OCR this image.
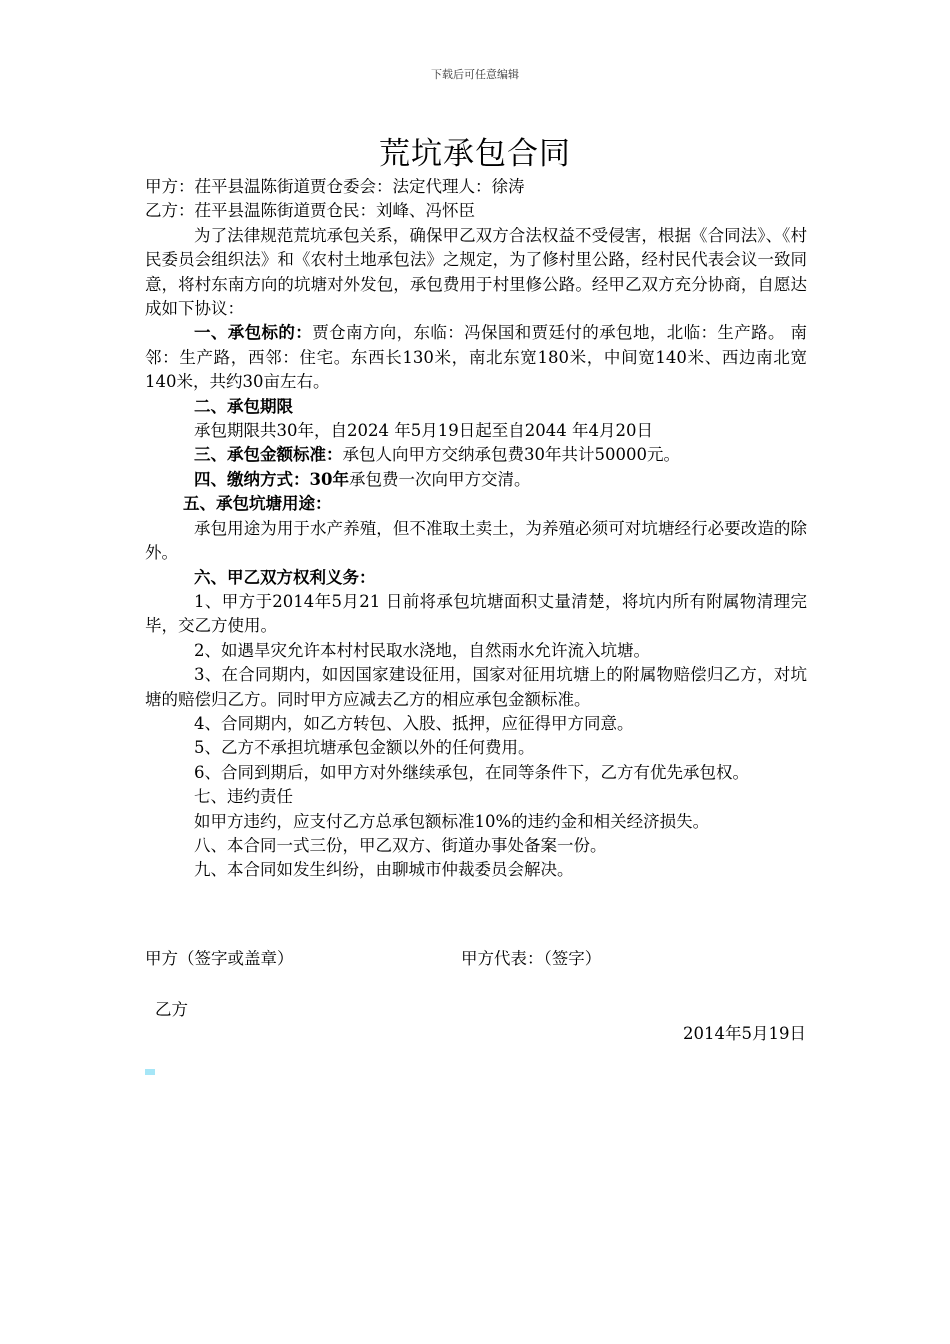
下载后可任意编辑
荒坑承包合同

甲方：茌平县温陈街道贾仓委会：法定代理人：徐涛

乙方：茌平县温陈街道贾仓民：刘峰、冯怀臣

为了法律规范荒坑承包关系，确保甲乙双方合法权益不受侵害，根据《合同法》、《村民委员会组织法》和《农村土地承包法》之规定，为了修村里公路，经村民代表会议一致同意，将村东南方向的坑塘对外发包，承包费用于村里修公路。经甲乙双方充分协商，自愿达成如下协议：

一、承包标的：贾仓南方向，东临：冯保国和贾廷付的承包地，北临：生产路。 南邻：生产路，西邻：住宅。东西长130米，南北东宽180米，中间宽140米、西边南北宽140米，共约30亩左右。

二、承包期限

承包期限共30年，自2024 年5月19日起至自2044 年4月20日

三、承包金额标准：承包人向甲方交纳承包费30年共计50000元。

四、缴纳方式：30年承包费一次向甲方交清。

五、承包坑塘用途：

承包用途为用于水产养殖，但不准取土卖土，为养殖必须可对坑塘经行必要改造的除外。

六、甲乙双方权利义务：

1、甲方于2014年5月21 日前将承包坑塘面积丈量清楚，将坑内所有附属物清理完毕，交乙方使用。

2、如遇旱灾允许本村村民取水浇地，自然雨水允许流入坑塘。

3、在合同期内，如因国家建设征用，国家对征用坑塘上的附属物赔偿归乙方，对坑塘的赔偿归乙方。同时甲方应减去乙方的相应承包金额标准。

4、合同期内，如乙方转包、入股、抵押，应征得甲方同意。

5、乙方不承担坑塘承包金额以外的任何费用。

6、合同到期后，如甲方对外继续承包，在同等条件下，乙方有优先承包权。

七、违约责任

如甲方违约，应支付乙方总承包额标准10%的违约金和相关经济损失。

八、本合同一式三份，甲乙双方、街道办事处备案一份。

九、本合同如发生纠纷，由聊城市仲裁委员会解决。

甲方（签字或盖章）	甲方代表：（签字）
乙方
2014年5月19日
